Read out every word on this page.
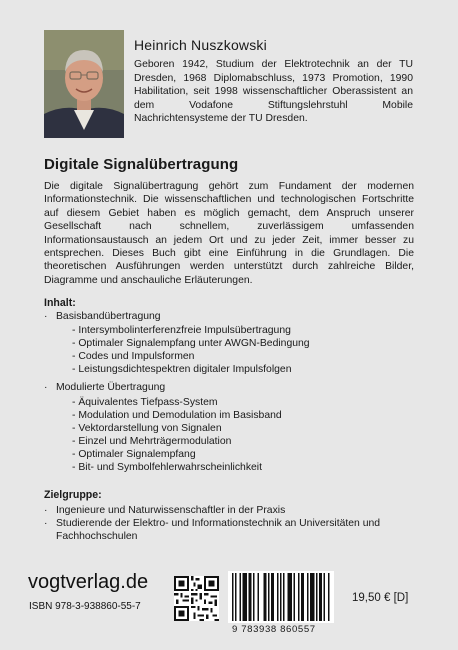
Heinrich Nuszkowski
Geboren 1942, Studium der Elektrotechnik an der TU Dresden, 1968 Diplomabschluss, 1973 Promotion, 1990 Habilitation, seit 1998 wissenschaftlicher Oberassistent an dem Vodafone Stiftungslehrstuhl Mobile Nachrichtensysteme der TU Dresden.
Digitale Signalübertragung
Die digitale Signalübertragung gehört zum Fundament der modernen Informationstechnik. Die wissenschaftlichen und technologischen Fortschritte auf diesem Gebiet haben es möglich gemacht, dem Anspruch unserer Gesellschaft nach schnellem, zuverlässigem umfassenden Informationsaustausch an jedem Ort und zu jeder Zeit, immer besser zu entsprechen. Dieses Buch gibt eine Einführung in die Grundlagen. Die theoretischen Ausführungen werden unterstützt durch zahlreiche Bilder, Diagramme und anschauliche Erläuterungen.
Inhalt:
· Basisbandübertragung
- Intersymbolinterferenzfreie Impulsübertragung
- Optimaler Signalempfang unter AWGN-Bedingung
- Codes und Impulsformen
- Leistungsdichtespektren digitaler Impulsfolgen
· Modulierte Übertragung
- Äquivalentes Tiefpass-System
- Modulation und Demodulation im Basisband
- Vektordarstellung von Signalen
- Einzel und Mehrträgermodulation
- Optimaler Signalempfang
- Bit- und Symbolfehlerwahrscheinlichkeit
Zielgruppe:
· Ingenieure und Naturwissenschaftler in der Praxis
· Studierende der Elektro- und Informationstechnik an Universitäten und
Fachhochschulen
vogtverlag.de
ISBN 978-3-938860-55-7
9 783938 860557
19,50 € [D]
